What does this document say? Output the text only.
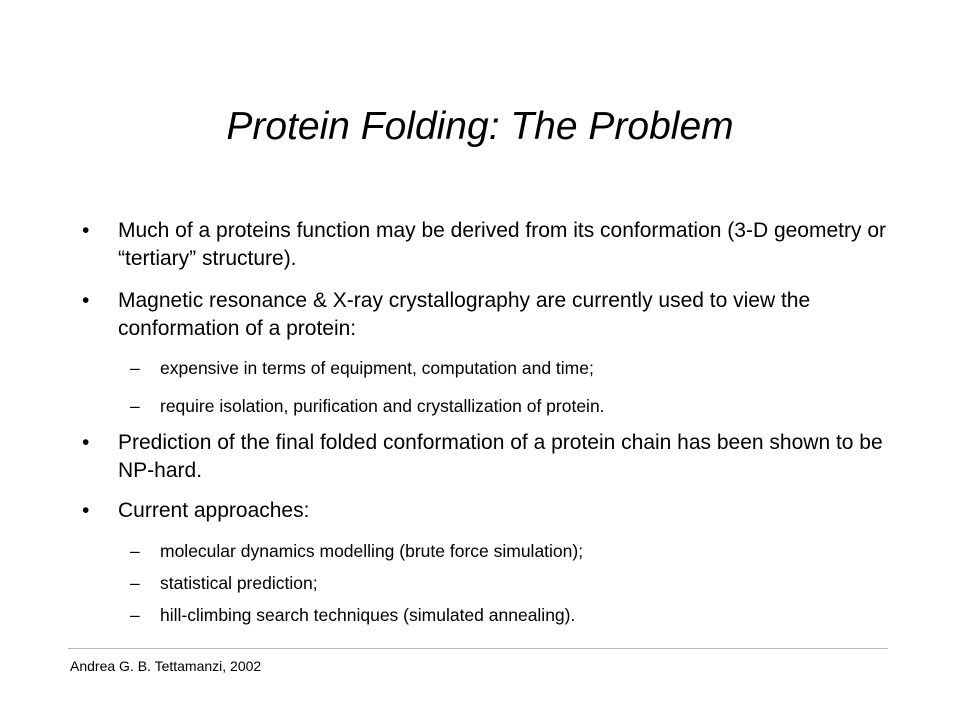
Protein Folding: The Problem
• Much of a proteins function may be derived from its conformation (3-D geometry or “tertiary” structure).
• Magnetic resonance & X-ray crystallography are currently used to view the conformation of a protein:
– expensive in terms of equipment, computation and time;
– require isolation, purification and crystallization of protein.
• Prediction of the final folded conformation of a protein chain has been shown to be NP-hard.
• Current approaches:
– molecular dynamics modelling (brute force simulation);
– statistical prediction;
– hill-climbing search techniques (simulated annealing).
Andrea G. B. Tettamanzi, 2002
